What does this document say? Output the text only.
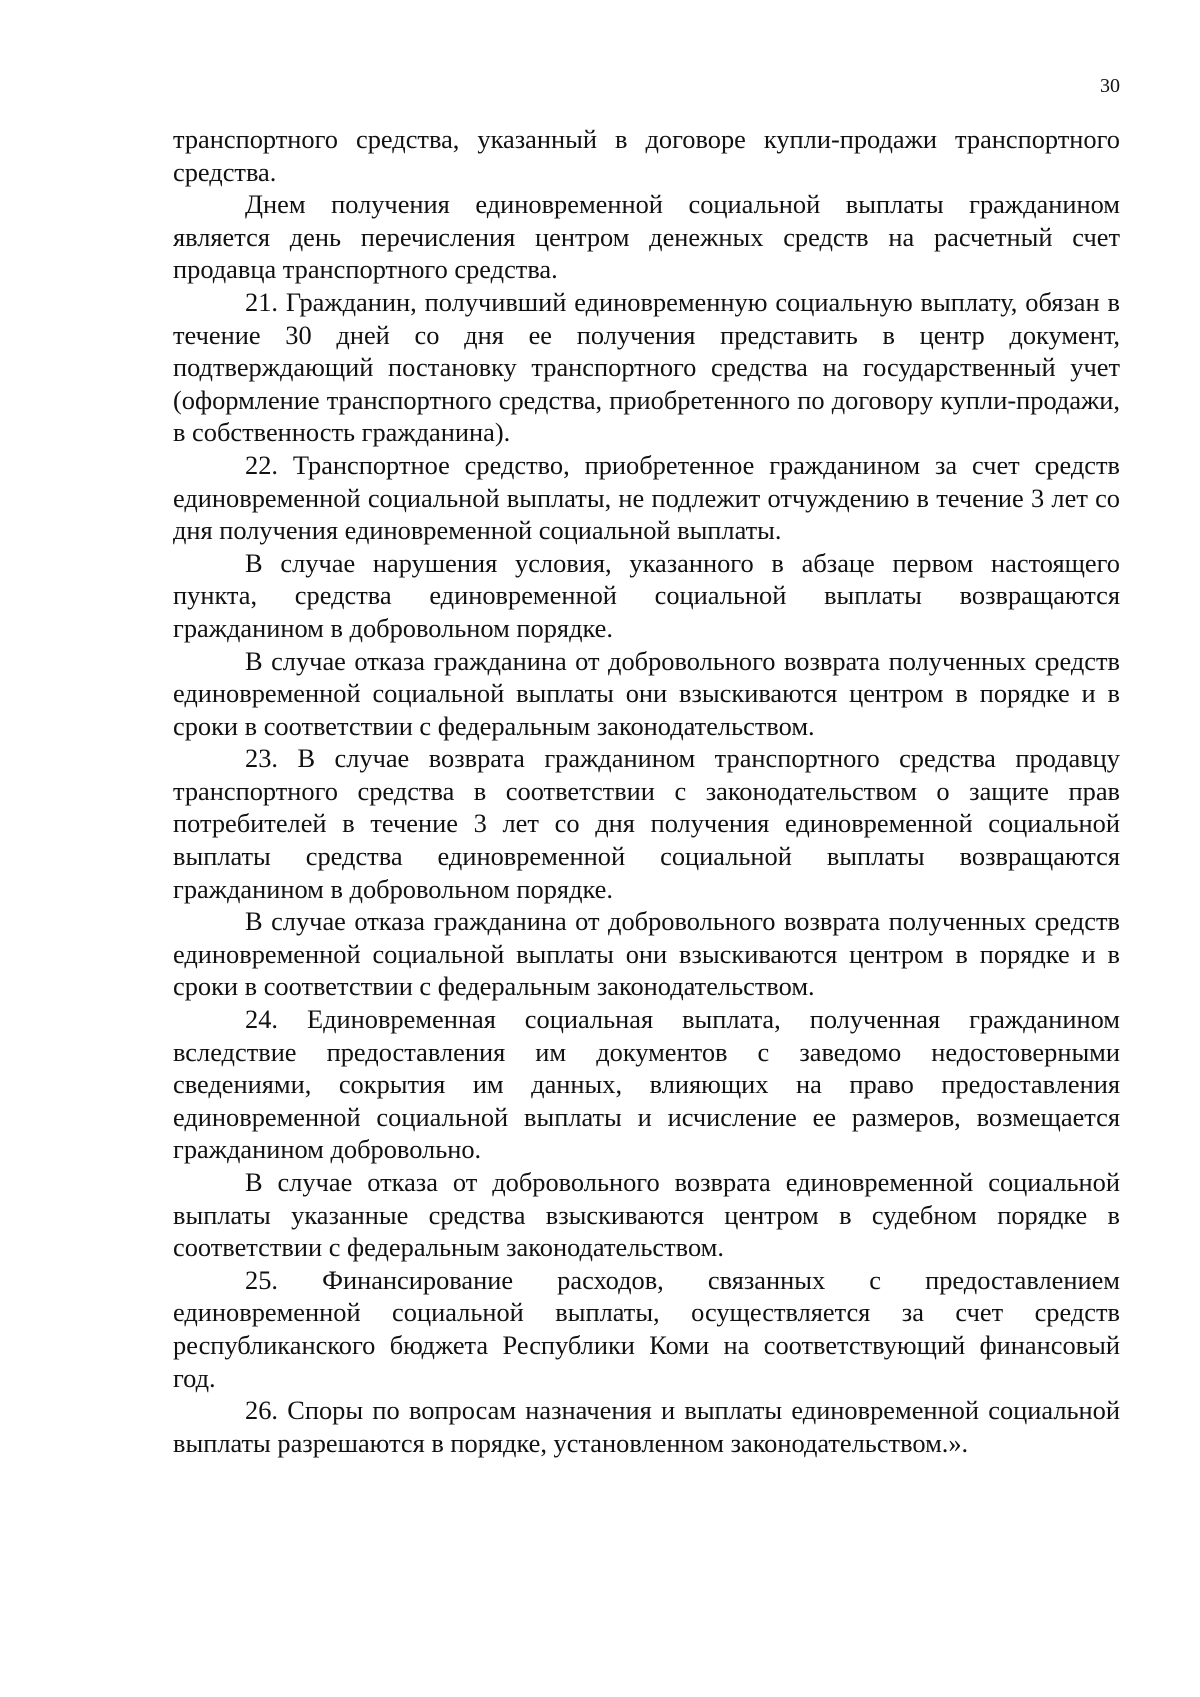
30

транспортного средства, указанный в договоре купли-продажи транспортного средства.

Днем получения единовременной социальной выплаты гражданином является день перечисления центром денежных средств на расчетный счет продавца транспортного средства.

21. Гражданин, получивший единовременную социальную выплату, обязан в течение 30 дней со дня ее получения представить в центр документ, подтверждающий постановку транспортного средства на государственный учет (оформление транспортного средства, приобретенного по договору купли-продажи, в собственность гражданина).

22. Транспортное средство, приобретенное гражданином за счет средств единовременной социальной выплаты, не подлежит отчуждению в течение 3 лет со дня получения единовременной социальной выплаты.

В случае нарушения условия, указанного в абзаце первом настоящего пункта, средства единовременной социальной выплаты возвращаются гражданином в добровольном порядке.

В случае отказа гражданина от добровольного возврата полученных средств единовременной социальной выплаты они взыскиваются центром в порядке и в сроки в соответствии с федеральным законодательством.

23. В случае возврата гражданином транспортного средства продавцу транспортного средства в соответствии с законодательством о защите прав потребителей в течение 3 лет со дня получения единовременной социальной выплаты средства единовременной социальной выплаты возвращаются гражданином в добровольном порядке.

В случае отказа гражданина от добровольного возврата полученных средств единовременной социальной выплаты они взыскиваются центром в порядке и в сроки в соответствии с федеральным законодательством.

24. Единовременная социальная выплата, полученная гражданином вследствие предоставления им документов с заведомо недостоверными сведениями, сокрытия им данных, влияющих на право предоставления единовременной социальной выплаты и исчисление ее размеров, возмещается гражданином добровольно.

В случае отказа от добровольного возврата единовременной социальной выплаты указанные средства взыскиваются центром в судебном порядке в соответствии с федеральным законодательством.

25. Финансирование расходов, связанных с предоставлением единовременной социальной выплаты, осуществляется за счет средств республиканского бюджета Республики Коми на соответствующий финансовый год.

26. Споры по вопросам назначения и выплаты единовременной социальной выплаты разрешаются в порядке, установленном законодательством.».
